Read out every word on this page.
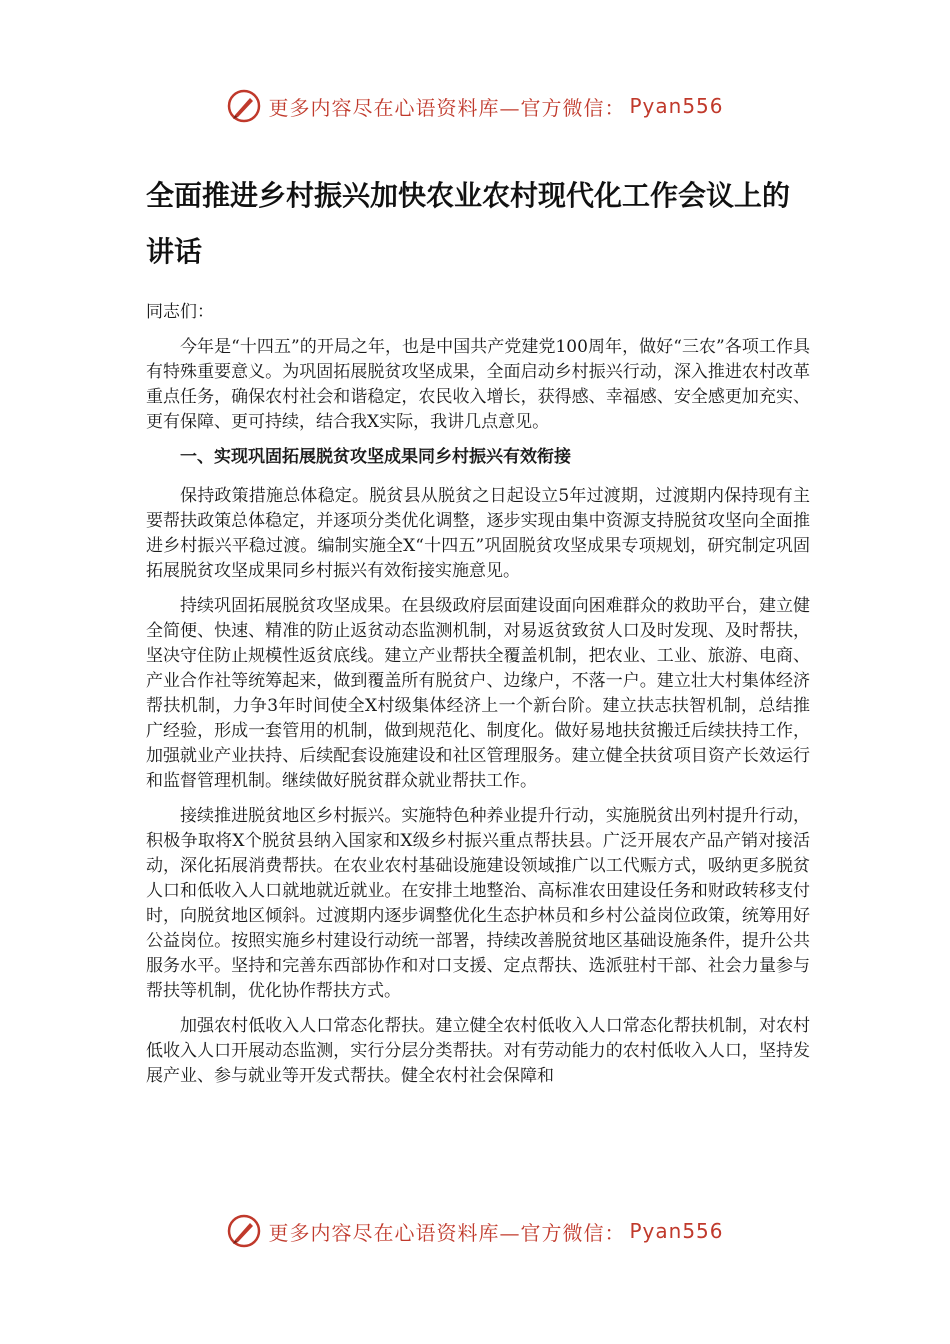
更多内容尽在心语资料库—官方微信： Pyan556
全面推进乡村振兴加快农业农村现代化工作会议上的讲话
同志们：

今年是“十四五”的开局之年，也是中国共产党建党100周年，做好“三农”各项工作具有特殊重要意义。为巩固拓展脱贫攻坚成果，全面启动乡村振兴行动，深入推进农村改革重点任务，确保农村社会和谐稳定，农民收入增长，获得感、幸福感、安全感更加充实、更有保障、更可持续，结合我X实际，我讲几点意见。

一、实现巩固拓展脱贫攻坚成果同乡村振兴有效衔接

保持政策措施总体稳定。脱贫县从脱贫之日起设立5年过渡期，过渡期内保持现有主要帮扶政策总体稳定，并逐项分类优化调整，逐步实现由集中资源支持脱贫攻坚向全面推进乡村振兴平稳过渡。编制实施全X“十四五”巩固脱贫攻坚成果专项规划，研究制定巩固拓展脱贫攻坚成果同乡村振兴有效衔接实施意见。

持续巩固拓展脱贫攻坚成果。在县级政府层面建设面向困难群众的救助平台，建立健全简便、快速、精准的防止返贫动态监测机制，对易返贫致贫人口及时发现、及时帮扶，坚决守住防止规模性返贫底线。建立产业帮扶全覆盖机制，把农业、工业、旅游、电商、产业合作社等统筹起来，做到覆盖所有脱贫户、边缘户，不落一户。建立壮大村集体经济帮扶机制，力争3年时间使全X村级集体经济上一个新台阶。建立扶志扶智机制，总结推广经验，形成一套管用的机制，做到规范化、制度化。做好易地扶贫搬迁后续扶持工作，加强就业产业扶持、后续配套设施建设和社区管理服务。建立健全扶贫项目资产长效运行和监督管理机制。继续做好脱贫群众就业帮扶工作。

接续推进脱贫地区乡村振兴。实施特色种养业提升行动，实施脱贫出列村提升行动，积极争取将X个脱贫县纳入国家和X级乡村振兴重点帮扶县。广泛开展农产品产销对接活动，深化拓展消费帮扶。在农业农村基础设施建设领域推广以工代赈方式，吸纳更多脱贫人口和低收入人口就地就近就业。在安排土地整治、高标准农田建设任务和财政转移支付时，向脱贫地区倾斜。过渡期内逐步调整优化生态护林员和乡村公益岗位政策，统筹用好公益岗位。按照实施乡村建设行动统一部署，持续改善脱贫地区基础设施条件，提升公共服务水平。坚持和完善东西部协作和对口支援、定点帮扶、选派驻村干部、社会力量参与帮扶等机制，优化协作帮扶方式。

加强农村低收入人口常态化帮扶。建立健全农村低收入人口常态化帮扶机制，对农村低收入人口开展动态监测，实行分层分类帮扶。对有劳动能力的农村低收入人口，坚持发展产业、参与就业等开发式帮扶。健全农村社会保障和

更多内容尽在心语资料库—官方微信： Pyan556
